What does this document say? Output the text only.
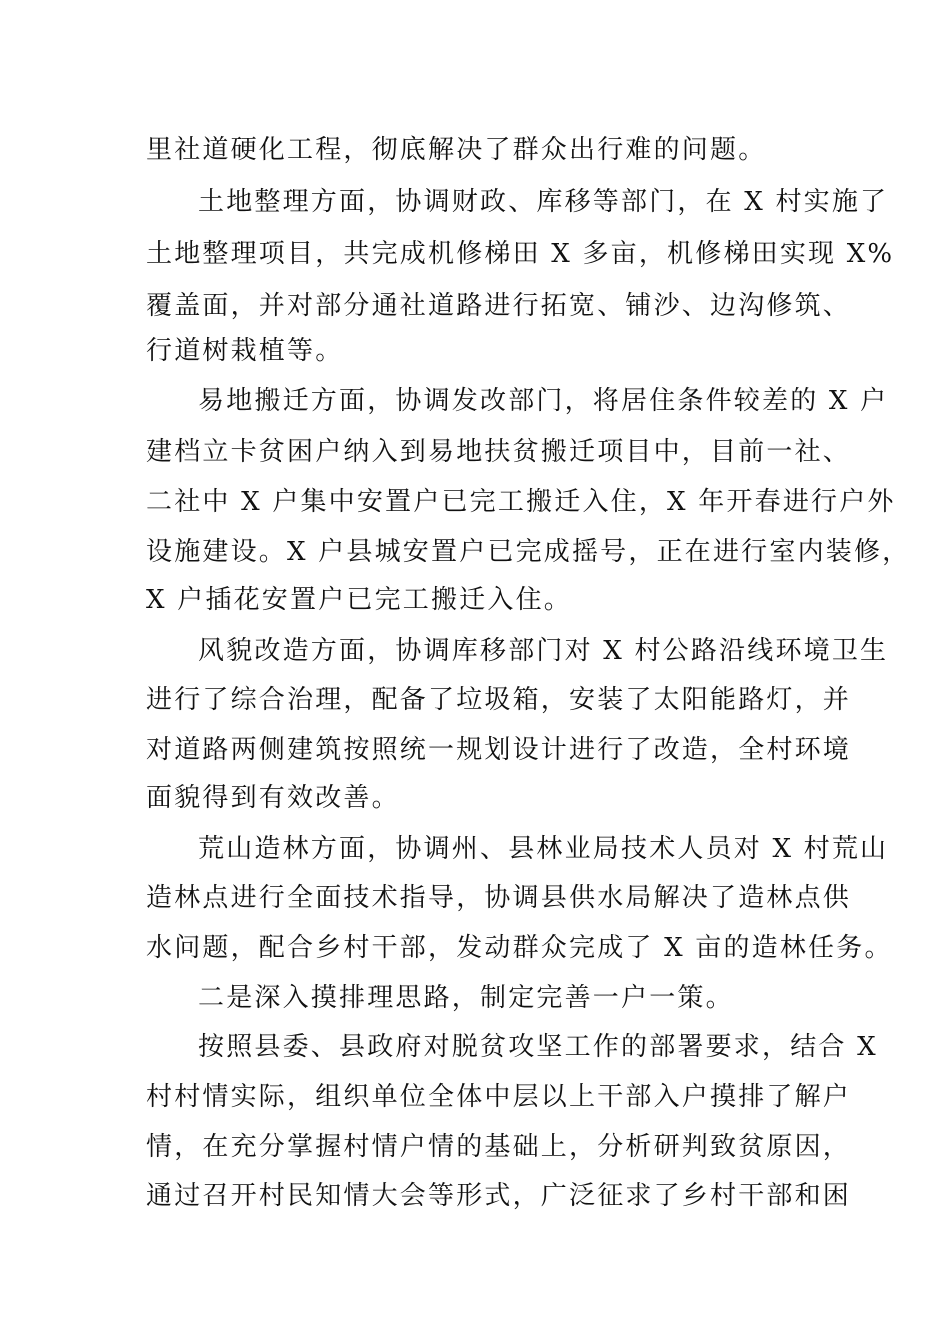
里社道硬化工程，彻底解决了群众出行难的问题。
土地整理方面，协调财政、库移等部门，在 X 村实施了
土地整理项目，共完成机修梯田 X 多亩，机修梯田实现 X%
覆盖面，并对部分通社道路进行拓宽、铺沙、边沟修筑、
行道树栽植等。
易地搬迁方面，协调发改部门，将居住条件较差的 X 户
建档立卡贫困户纳入到易地扶贫搬迁项目中，目前一社、
二社中 X 户集中安置户已完工搬迁入住，X 年开春进行户外
设施建设。X 户县城安置户已完成摇号，正在进行室内装修，
X 户插花安置户已完工搬迁入住。
风貌改造方面，协调库移部门对 X 村公路沿线环境卫生
进行了综合治理，配备了垃圾箱，安装了太阳能路灯，并
对道路两侧建筑按照统一规划设计进行了改造，全村环境
面貌得到有效改善。
荒山造林方面，协调州、县林业局技术人员对 X 村荒山
造林点进行全面技术指导，协调县供水局解决了造林点供
水问题，配合乡村干部，发动群众完成了 X 亩的造林任务。
二是深入摸排理思路，制定完善一户一策。
按照县委、县政府对脱贫攻坚工作的部署要求，结合 X
村村情实际，组织单位全体中层以上干部入户摸排了解户
情，在充分掌握村情户情的基础上，分析研判致贫原因，
通过召开村民知情大会等形式，广泛征求了乡村干部和困
